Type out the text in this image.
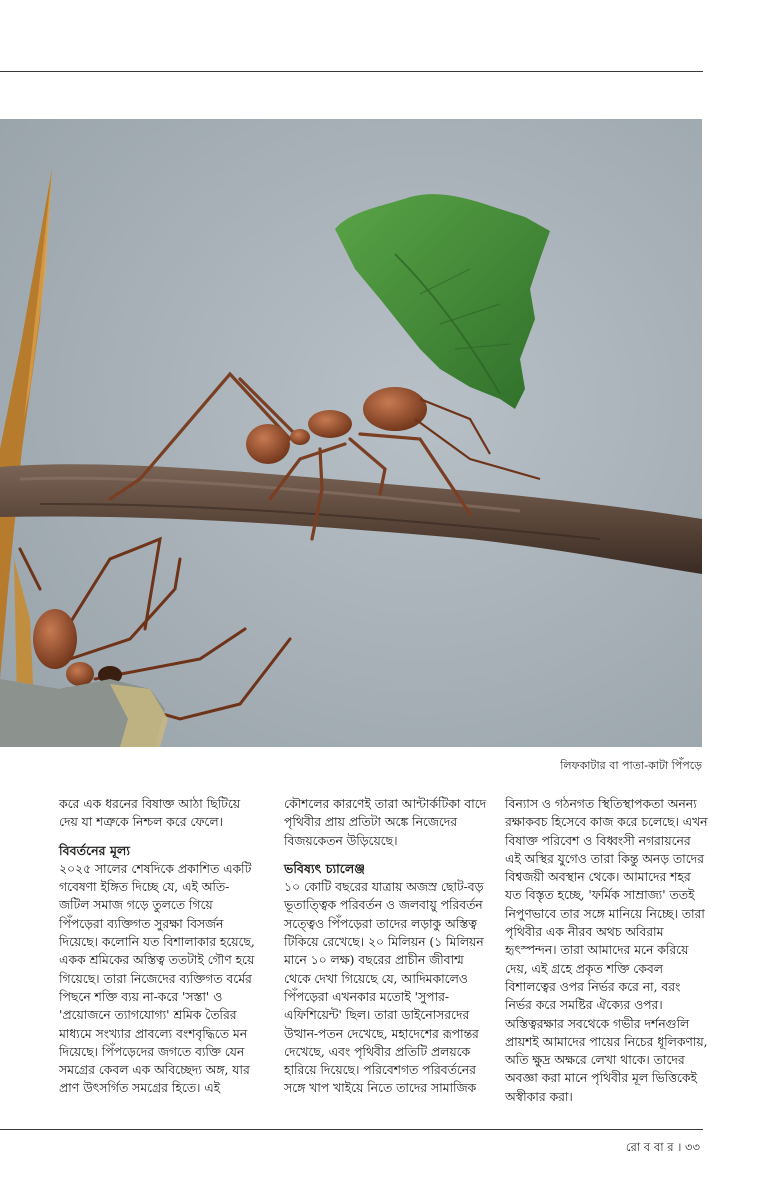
লিফকাটার বা পাতা-কাটা পিঁপড়ে

করে এক ধরনের বিষাক্ত আঠা ছিটিয়ে দেয় যা শত্রুকে নিশ্চল করে ফেলে।

বিবর্তনের মূল্য

২০২৫ সালের শেষদিকে প্রকাশিত একটি গবেষণা ইঙ্গিত দিচ্ছে যে, এই অতি-জটিল সমাজ গড়ে তুলতে গিয়ে পিঁপড়েরা ব্যক্তিগত সুরক্ষা বিসর্জন দিয়েছে। কলোনি যত বিশালাকার হয়েছে, একক শ্রমিকের অস্তিত্ব ততটাই গৌণ হয়ে গিয়েছে। তারা নিজেদের ব্যক্তিগত বর্মের পিছনে শক্তি ব্যয় না-করে 'সস্তা' ও 'প্রয়োজনে ত্যাগযোগ্য' শ্রমিক তৈরির মাধ্যমে সংখ্যার প্রাবল্যে বংশবৃদ্ধিতে মন দিয়েছে। পিঁপড়েদের জগতে ব্যক্তি যেন সমগ্রের কেবল এক অবিচ্ছেদ্য অঙ্গ, যার প্রাণ উৎসর্গিত সমগ্রের হিতে। এই

কৌশলের কারণেই তারা আন্টার্কটিকা বাদে পৃথিবীর প্রায় প্রতিটা অঙ্কে নিজেদের বিজয়কেতন উড়িয়েছে।

ভবিষ্যৎ চ্যালেঞ্জ

১০ কোটি বছরের যাত্রায় অজস্র ছোট-বড় ভূতাত্ত্বিক পরিবর্তন ও জলবায়ু পরিবর্তন সত্ত্বেও পিঁপড়েরা তাদের লড়াকু অস্তিত্ব টিকিয়ে রেখেছে। ২০ মিলিয়ন (১ মিলিয়ন মানে ১০ লক্ষ) বছরের প্রাচীন জীবাশ্ম থেকে দেখা গিয়েছে যে, আদিমকালেও পিঁপড়েরা এখনকার মতোই 'সুপার-এফিশিয়েন্ট' ছিল। তারা ডাইনোসরদের উত্থান-পতন দেখেছে, মহাদেশের রূপান্তর দেখেছে, এবং পৃথিবীর প্রতিটি প্রলয়কে হারিয়ে দিয়েছে। পরিবেশগত পরিবর্তনের সঙ্গে খাপ খাইয়ে নিতে তাদের সামাজিক

বিন্যাস ও গঠনগত স্থিতিস্থাপকতা অনন্য রক্ষাকবচ হিসেবে কাজ করে চলেছে। এখন বিষাক্ত পরিবেশ ও বিধ্বংসী নগরায়নের এই অস্থির যুগেও তারা কিন্তু অনড় তাদের বিশ্বজয়ী অবস্থান থেকে। আমাদের শহর যত বিস্তৃত হচ্ছে, 'ফর্মিক সাম্রাজ্য' ততই নিপুণভাবে তার সঙ্গে মানিয়ে নিচ্ছে। তারা পৃথিবীর এক নীরব অথচ অবিরাম হৃৎস্পন্দন। তারা আমাদের মনে করিয়ে দেয়, এই গ্রহে প্রকৃত শক্তি কেবল বিশালত্বের ওপর নির্ভর করে না, বরং নির্ভর করে সমষ্টির ঐক্যের ওপর। অস্তিত্বরক্ষার সবথেকে গভীর দর্শনগুলি প্রায়শই আমাদের পায়ের নিচের ধূলিকণায়, অতি ক্ষুদ্র অক্ষরে লেখা থাকে। তাদের অবজ্ঞা করা মানে পৃথিবীর মূল ভিত্তিকেই অস্বীকার করা।

রো ব বা র । ৩৩
